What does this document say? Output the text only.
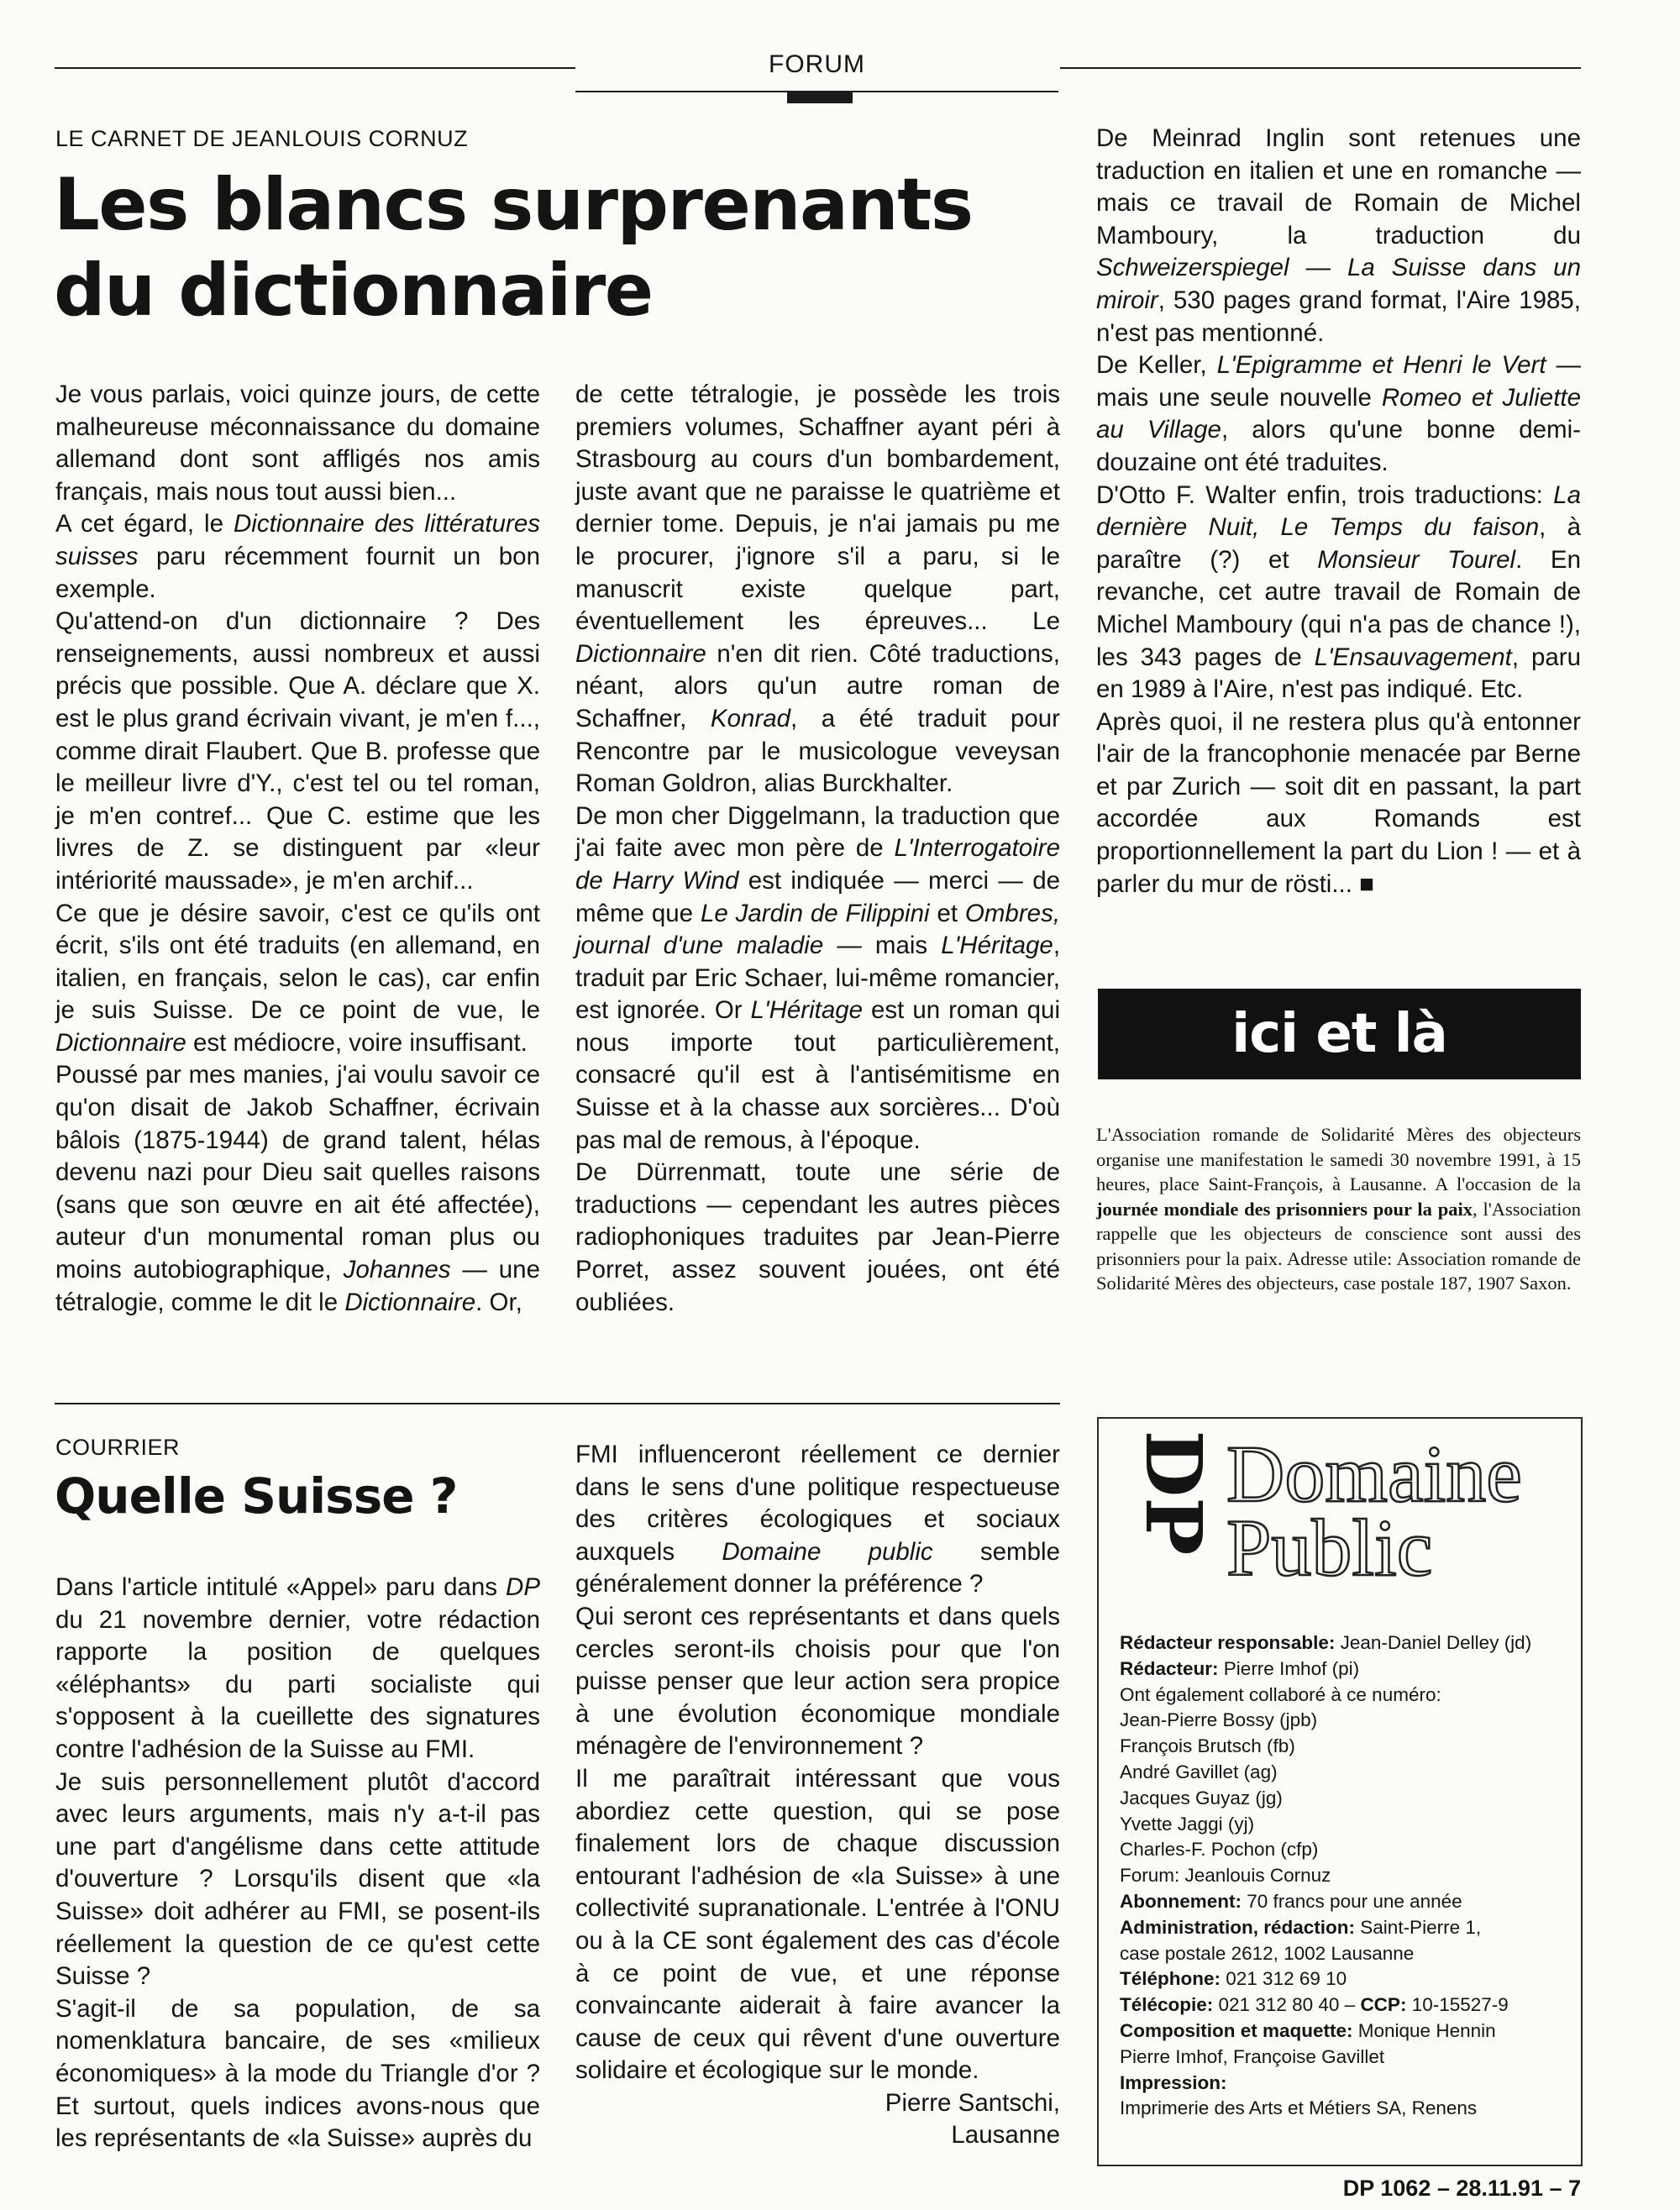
FORUM
LE CARNET DE JEANLOUIS CORNUZ
Les blancs surprenants
du dictionnaire

Je vous parlais, voici quinze jours, de cette malheureuse méconnaissance du domaine allemand dont sont affligés nos amis français, mais nous tout aussi bien...

A cet égard, le Dictionnaire des littératures suisses paru récemment fournit un bon exemple.

Qu'attend-on d'un dictionnaire ? Des renseignements, aussi nombreux et aussi précis que possible. Que A. déclare que X. est le plus grand écrivain vivant, je m'en f..., comme dirait Flaubert. Que B. professe que le meilleur livre d'Y., c'est tel ou tel roman, je m'en contref... Que C. estime que les livres de Z. se distinguent par «leur intériorité maussade», je m'en archif...

Ce que je désire savoir, c'est ce qu'ils ont écrit, s'ils ont été traduits (en allemand, en italien, en français, selon le cas), car enfin je suis Suisse. De ce point de vue, le Dictionnaire est médiocre, voire insuffisant.

Poussé par mes manies, j'ai voulu savoir ce qu'on disait de Jakob Schaffner, écrivain bâlois (1875-1944) de grand talent, hélas devenu nazi pour Dieu sait quelles raisons (sans que son œuvre en ait été affectée), auteur d'un monumental roman plus ou moins autobiographique, Johannes — une tétralogie, comme le dit le Dictionnaire. Or,

de cette tétralogie, je possède les trois premiers volumes, Schaffner ayant péri à Strasbourg au cours d'un bombardement, juste avant que ne paraisse le quatrième et dernier tome. Depuis, je n'ai jamais pu me le procurer, j'ignore s'il a paru, si le manuscrit existe quelque part, éventuellement les épreuves... Le Dictionnaire n'en dit rien. Côté traductions, néant, alors qu'un autre roman de Schaffner, Konrad, a été traduit pour Rencontre par le musicologue veveysan Roman Goldron, alias Burckhalter.

De mon cher Diggelmann, la traduction que j'ai faite avec mon père de L'Interrogatoire de Harry Wind est indiquée — merci — de même que Le Jardin de Filippini et Ombres, journal d'une maladie — mais L'Héritage, traduit par Eric Schaer, lui-même romancier, est ignorée. Or L'Héritage est un roman qui nous importe tout particulièrement, consacré qu'il est à l'antisémitisme en Suisse et à la chasse aux sorcières... D'où pas mal de remous, à l'époque.

De Dürrenmatt, toute une série de traductions — cependant les autres pièces radiophoniques traduites par Jean-Pierre Porret, assez souvent jouées, ont été oubliées.

De Meinrad Inglin sont retenues une traduction en italien et une en romanche — mais ce travail de Romain de Michel Mamboury, la traduction du Schweizerspiegel — La Suisse dans un miroir, 530 pages grand format, l'Aire 1985, n'est pas mentionné.

De Keller, L'Epigramme et Henri le Vert — mais une seule nouvelle Romeo et Juliette au Village, alors qu'une bonne demi-douzaine ont été traduites.

D'Otto F. Walter enfin, trois traductions: La dernière Nuit, Le Temps du faison, à paraître (?) et Monsieur Tourel. En revanche, cet autre travail de Romain de Michel Mamboury (qui n'a pas de chance !), les 343 pages de L'Ensauvagement, paru en 1989 à l'Aire, n'est pas indiqué. Etc.

Après quoi, il ne restera plus qu'à entonner l'air de la francophonie menacée par Berne et par Zurich — soit dit en passant, la part accordée aux Romands est proportionnellement la part du Lion ! — et à parler du mur de rösti... ■

ici et là
L'Association romande de Solidarité Mères des objecteurs organise une manifestation le samedi 30 novembre 1991, à 15 heures, place Saint-François, à Lausanne. A l'occasion de la journée mondiale des prisonniers pour la paix, l'Association rappelle que les objecteurs de conscience sont aussi des prisonniers pour la paix. Adresse utile: Association romande de Solidarité Mères des objecteurs, case postale 187, 1907 Saxon.
COURRIER
Quelle Suisse ?

Dans l'article intitulé «Appel» paru dans DP du 21 novembre dernier, votre rédaction rapporte la position de quelques «éléphants» du parti socialiste qui s'opposent à la cueillette des signatures contre l'adhésion de la Suisse au FMI.

Je suis personnellement plutôt d'accord avec leurs arguments, mais n'y a-t-il pas une part d'angélisme dans cette attitude d'ouverture ? Lorsqu'ils disent que «la Suisse» doit adhérer au FMI, se posent-ils réellement la question de ce qu'est cette Suisse ?

S'agit-il de sa population, de sa nomenklatura bancaire, de ses «milieux économiques» à la mode du Triangle d'or ? Et surtout, quels indices avons-nous que les représentants de «la Suisse» auprès du

FMI influenceront réellement ce dernier dans le sens d'une politique respectueuse des critères écologiques et sociaux auxquels Domaine public semble généralement donner la préférence ?

Qui seront ces représentants et dans quels cercles seront-ils choisis pour que l'on puisse penser que leur action sera propice à une évolution économique mondiale ménagère de l'environnement ?

Il me paraîtrait intéressant que vous abordiez cette question, qui se pose finalement lors de chaque discussion entourant l'adhésion de «la Suisse» à une collectivité supranationale. L'entrée à l'ONU ou à la CE sont également des cas d'école à ce point de vue, et une réponse convaincante aiderait à faire avancer la cause de ceux qui rêvent d'une ouverture solidaire et écologique sur le monde.

Pierre Santschi,

Lausanne

DP Domaine
Public

Rédacteur responsable: Jean-Daniel Delley (jd)

Rédacteur: Pierre Imhof (pi)

Ont également collaboré à ce numéro:

Jean-Pierre Bossy (jpb)

François Brutsch (fb)

André Gavillet (ag)

Jacques Guyaz (jg)

Yvette Jaggi (yj)

Charles-F. Pochon (cfp)

Forum: Jeanlouis Cornuz

Abonnement: 70 francs pour une année

Administration, rédaction: Saint-Pierre 1,

case postale 2612, 1002 Lausanne

Téléphone: 021 312 69 10

Télécopie: 021 312 80 40 – CCP: 10-15527-9

Composition et maquette: Monique Hennin

Pierre Imhof, Françoise Gavillet

Impression:

Imprimerie des Arts et Métiers SA, Renens

DP 1062 – 28.11.91 – 7
